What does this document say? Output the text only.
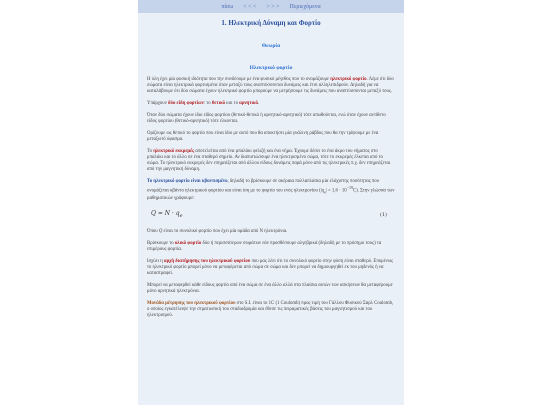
πίσω < < < > > > Περιεχόμενα
1. Ηλεκτρική Δύναμη και Φορτίο
Θεωρία
Ηλεκτρικό φορτίο

Η ύλη έχει μία φυσική ιδιότητα που την συνδέουμε με ένα φυσικό μέγεθος που το ονομάζουμε ηλεκτρικό φορτίο. Λέμε ότι δύο σώματα είναι ηλεκτρικά φορτισμένα όταν μεταξύ τους αναπτύσσονται δυνάμεις και έτσι αλληλεπιδρούν. Δηλαδή για να καταλάβουμε ότι δύο σώματα έχουν ηλεκτρικό φορτίο μπορούμε να μετρήσουμε τις δυνάμεις που αναπτύσσονται μεταξύ τους.

Υπάρχουν δύο είδη φορτίων: το θετικό και το αρνητικό.

Όταν δύο σώματα έχουν ίδιο είδος φορτίου (θετικό-θετικό ή αρνητικό-αρνητικό) τότε απωθούνται, ενώ όταν έχουν αντίθετο είδος φορτίου (θετικό-αρνητικό) τότε έλκονται.

Ορίζουμε ως θετικό το φορτίο που είναι ίδιο με αυτό που θα αποκτήσει μία γυάλινη ράβδος που θα την τρίψουμε με ένα μεταξωτό ύφασμα.

Το ηλεκτρικό εκκρεμές αποτελείται από ένα μπαλάκι φελιζή και ένα νήμα. Έχουμε δέσει το ένα άκρο του νήματος στο μπαλάκι και το άλλο σε ένα σταθερό σημείο. Αν διαπιστώσουμε ένα ηλεκτρισμένο σώμα, τότε το εκκρεμές έλκεται από το σώμα. Το ηλεκτρικό εκκρεμές δεν επηρεάζεται από άλλου είδους δυνάμεις παρά μόνο από τις ηλεκτρικές π.χ. δεν επηρεάζεται από την μαγνητική δύναμη.

Το ηλεκτρικό φορτίο είναι κβαντισμένο, δηλαδή το βρίσκουμε σε ακέραια πολλαπλάσια μία ελάχιστης ποσότητας που ονομάζεται κβάντο ηλεκτρικού φορτίου και είναι ίση με το φορτίο του ενός ηλεκτρονίου $(|q_e| = 1,6 \cdot 10^{-19}C)$. Στην γλώσσα των μαθηματικών γράφουμε:

$Q = N \cdot q_e$	(1)

Όπου Q είναι το συνολικό φορτίο που έχει μία ομάδα από N ηλεκτρόνια.

Βρίσκουμε το ολικό φορτίο δύο ή περισσότερων σωμάτων εάν προσθέσουμε αλγεβρικά (δηλαδή με το πρόσημο τους) τα επιμέρους φορτία.

Ισχύει η αρχή διατήρησης του ηλεκτρικού φορτίου που μας λέει ότι το συνολικό φορτίο στην φύση είναι σταθερό. Επομένως το ηλεκτρικό φορτίο μπορεί μόνο να μεταφέρεται από σώμα σε σώμα και δεν μπορεί να δημιουργηθεί εκ του μηδενός ή να καταστραφεί.

Μπορεί να μεταφερθεί κάθε είδους φορτίο από ένα σώμα σε ένα άλλο αλλά στα πλαίσια αυτών των ασκήσεων θα μεταφέρουμε μόνο αρνητικά ηλεκτρόνια.

Μονάδα μέτρησης του ηλεκτρικού φορτίου στο S.I. είναι το 1C (1 Coulomb) προς τιμή του Γάλλου Φυσικού Σαρλ Coulomb, ο οποίος εγκατέλειψε την στρατιωτική του σταδιοδρομία και έθεσε τις πειραματικές βάσεις του μαγνητισμού και του ηλεκτρισμού.
